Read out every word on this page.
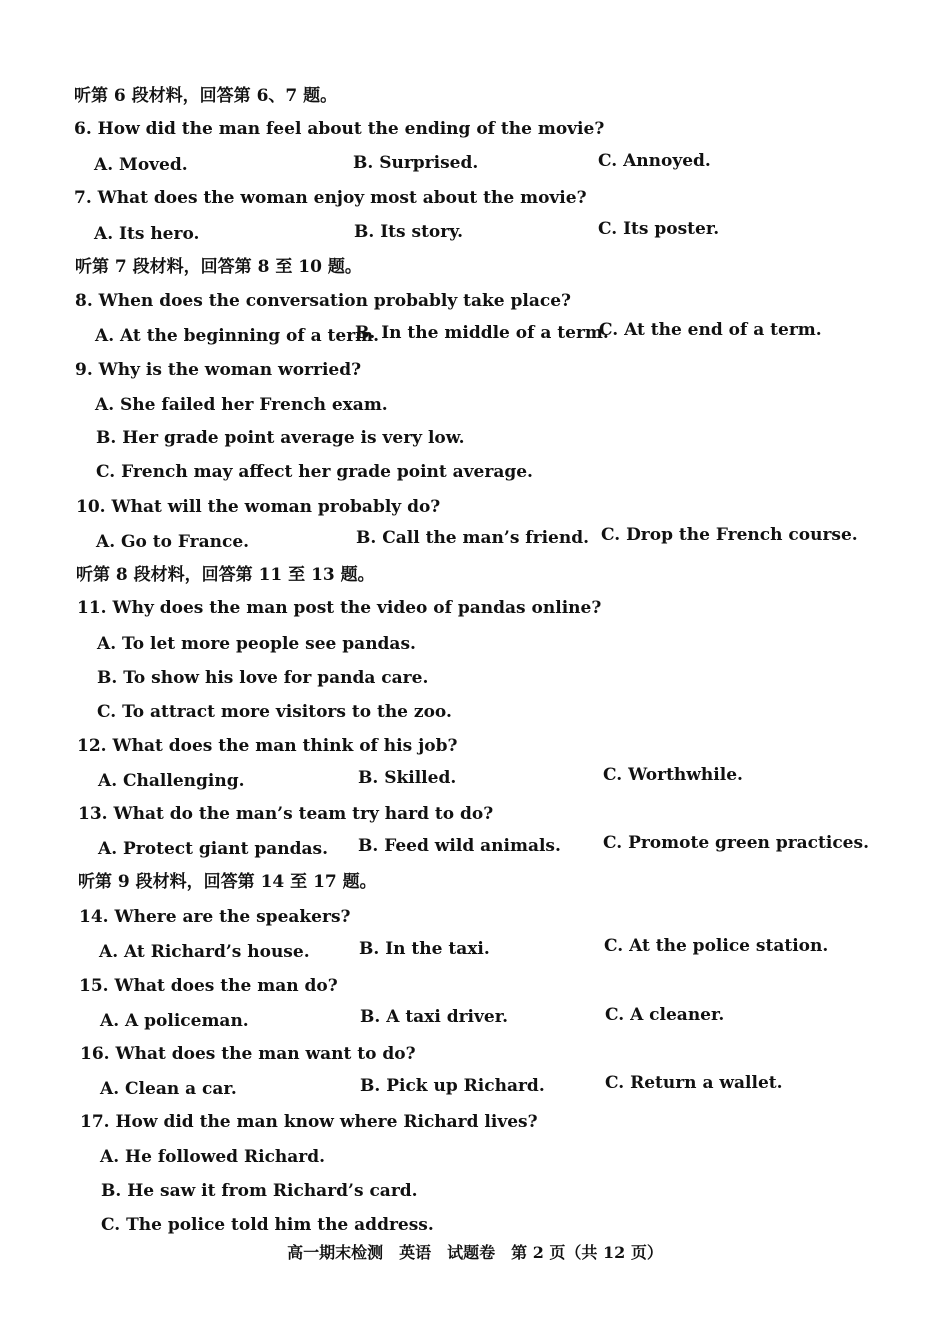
听第 6 段材料，回答第 6、7 题。
6. How did the man feel about the ending of the movie?
A. Moved.	B. Surprised.	C. Annoyed.
7. What does the woman enjoy most about the movie?
A. Its hero.	B. Its story.	C. Its poster.
听第 7 段材料，回答第 8 至 10 题。
8. When does the conversation probably take place?
A. At the beginning of a term.
B. In the middle of a term.
C. At the end of a term.
9. Why is the woman worried?
A. She failed her French exam.
B. Her grade point average is very low.
C. French may affect her grade point average.
10. What will the woman probably do?
A. Go to France.	B. Call the man’s friend. C. Drop the French course.
听第 8 段材料，回答第 11 至 13 题。
11. Why does the man post the video of pandas online?
A. To let more people see pandas.
B. To show his love for panda care.
C. To attract more visitors to the zoo.
12. What does the man think of his job?
A. Challenging.	B. Skilled.	C. Worthwhile.
13. What do the man’s team try hard to do?
A. Protect giant pandas. B. Feed wild animals. C. Promote green practices.
听第 9 段材料，回答第 14 至 17 题。
14. Where are the speakers?
A. At Richard’s house.	B. In the taxi.	C. At the police station.
15. What does the man do?
A. A policeman.	B. A taxi driver.	C. A cleaner.
16. What does the man want to do?
A. Clean a car.	B. Pick up Richard.	C. Return a wallet.
17. How did the man know where Richard lives?
A. He followed Richard.
B. He saw it from Richard’s card.
C. The police told him the address.
高一期末检测　英语　试题卷　第 2 页（共 12 页）
